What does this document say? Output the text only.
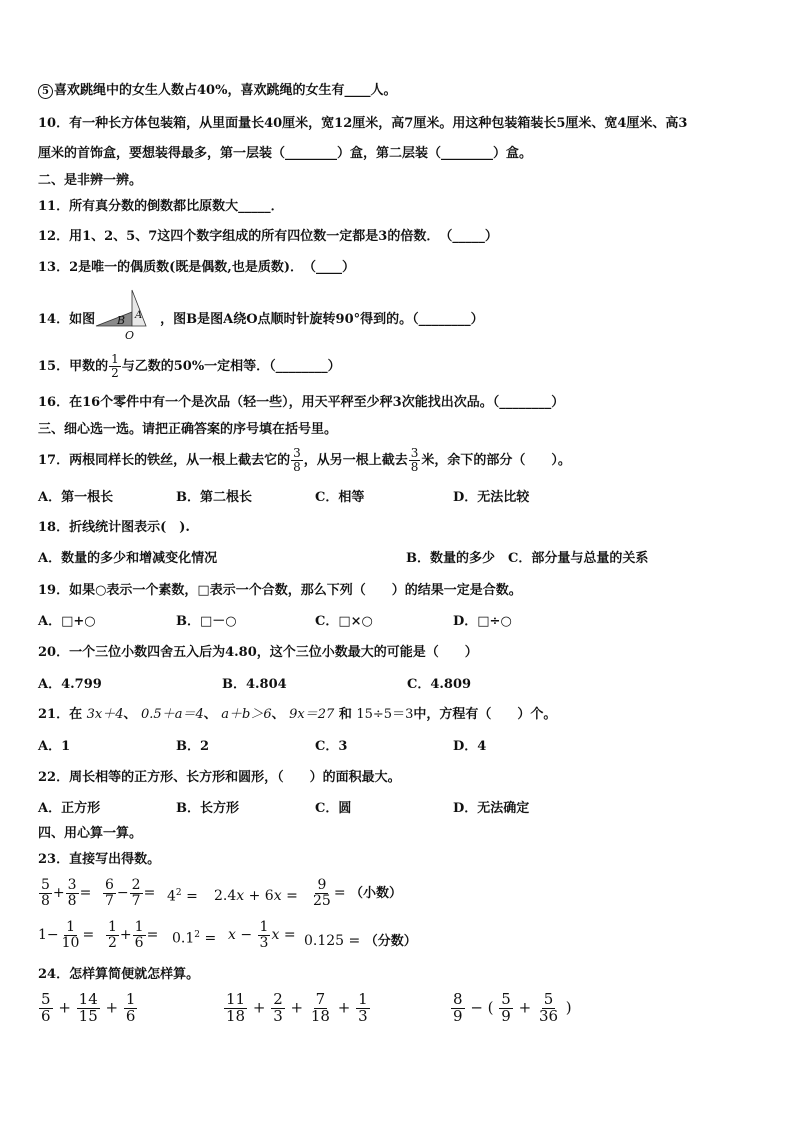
5 喜欢跳绳中的女生人数占40%，喜欢跳绳的女生有____人。
10．有一种长方体包装箱，从里面量长40厘米，宽12厘米，高7厘米。用这种包装箱装长5厘米、宽4厘米、高3
厘米的首饰盒，要想装得最多，第一层装（________）盒，第二层装（________）盒。
二、是非辨一辨。
11．所有真分数的倒数都比原数大_____．
12．用1、2、5、7这四个数字组成的所有四位数一定都是3的倍数．　（_____）
13．2是唯一的偶质数(既是偶数,也是质数)．　（____）
14．如图	，图B是图A绕O点顺时针旋转90°得到的。（________）
B A
O
15．甲数的 $\frac{1}{2}$ 与乙数的50%一定相等．（________）
16．在16个零件中有一个是次品（轻一些），用天平秤至少秤3次能找出次品。（________）
三、细心选一选。请把正确答案的序号填在括号里。
17．两根同样长的铁丝，从一根上截去它的 $\frac{3}{8}$ ，从另一根上截去 $\frac{3}{8}$ 米，余下的部分（　　）。
A．第一根长	B．第二根长	C．相等	D．无法比较
18．折线统计图表示(　).
A．数量的多少和增减变化情况	B．数量的多少　C．部分量与总量的关系
19．如果○表示一个素数，□表示一个合数，那么下列（　　）的结果一定是合数。
A．□+○	B．□－○	C．□×○	D．□÷○
20．一个三位小数四舍五入后为4.80，这个三位小数最大的可能是（　　）
A．4.799	B．4.804	C．4.809
21．在 3x＋4、 0.5＋a＝4、 a＋b＞6、 9x＝27 和 15÷5＝3中，方程有（　　）个。
A．1	B．2	C．3	D．4
22．周长相等的正方形、长方形和圆形，（　　）的面积最大。
A．正方形	B．长方形	C．圆	D．无法确定
四、用心算一算。
23．直接写出得数。
$\frac{5}{8} + \frac{3}{8} = \frac{6}{7} - \frac{2}{7} = 4^2 = 2.4x + 6x = \frac{9}{25}$ = （小数）
$1- \frac{1}{10} = \frac{1}{2} + \frac{1}{6} = 0.1^2 = x - \frac{1}{3}$ x = 0.125 = （分数）
24．怎样算简便就怎样算。
$\frac{5}{6} + \frac{14}{15} + \frac{1}{6}$	$\frac{11}{18} + \frac{2}{3} + \frac{7}{18} + \frac{1}{3}$	$\frac{8}{9}$ − ( $\frac{5}{9} + \frac{5}{36}$ )
